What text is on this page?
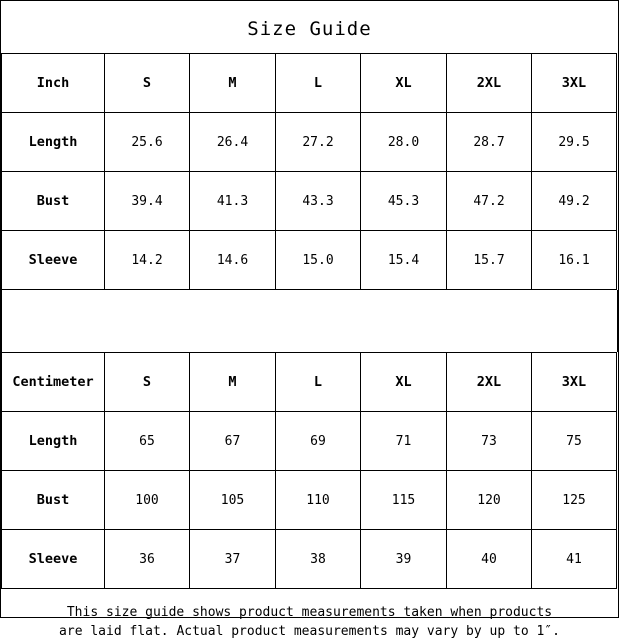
Size Guide
Inch	S	M	L	XL	2XL	3XL
Length	25.6	26.4	27.2	28.0	28.7	29.5
Bust	39.4	41.3	43.3	45.3	47.2	49.2
Sleeve	14.2	14.6	15.0	15.4	15.7	16.1
Centimeter	S	M	L	XL	2XL	3XL
Length	65	67	69	71	73	75
Bust	100	105	110	115	120	125
Sleeve	36	37	38	39	40	41
This size guide shows product measurements taken when products
are laid flat. Actual product measurements may vary by up to 1″.
